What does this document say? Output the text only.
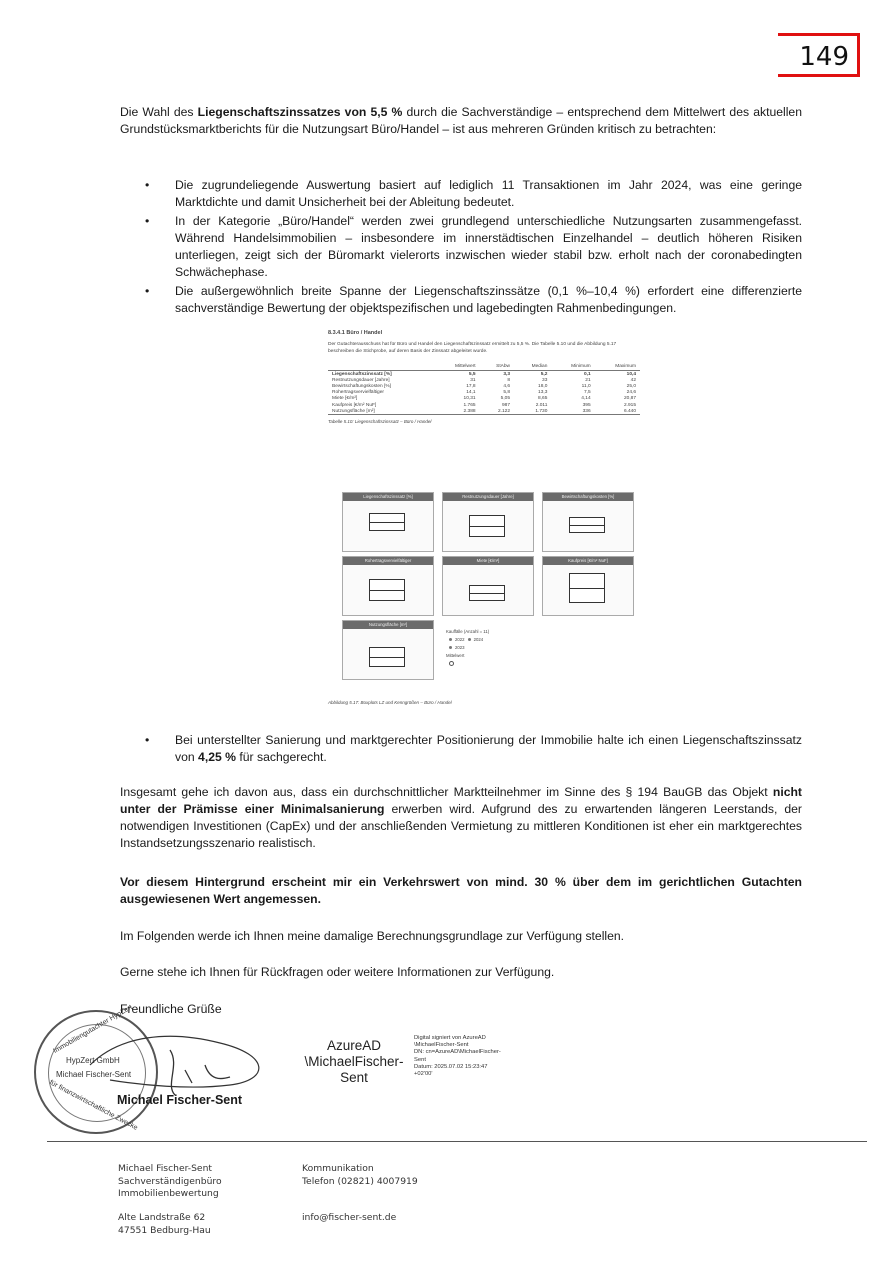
149
Die Wahl des Liegenschaftszinssatzes von 5,5 % durch die Sachverständige – entsprechend dem Mittelwert des aktuellen Grundstücksmarktberichts für die Nutzungsart Büro/Handel – ist aus mehreren Gründen kritisch zu betrachten:
• Die zugrundeliegende Auswertung basiert auf lediglich 11 Transaktionen im Jahr 2024, was eine geringe Marktdichte und damit Unsicherheit bei der Ableitung bedeutet.
• In der Kategorie „Büro/Handel“ werden zwei grundlegend unterschiedliche Nutzungsarten zusammengefasst. Während Handelsimmobilien – insbesondere im innerstädtischen Einzelhandel – deutlich höheren Risiken unterliegen, zeigt sich der Büromarkt vielerorts inzwischen wieder stabil bzw. erholt nach der coronabedingten Schwächephase.
• Die außergewöhnlich breite Spanne der Liegenschaftszinssätze (0,1 %–10,4 %) erfordert eine differenzierte sachverständige Bewertung der objektspezifischen und lagebedingten Rahmenbedingungen.
8.3.4.1 Büro / Handel
Der Gutachterausschuss hat für Büro und Handel den Liegenschaftszinssatz ermittelt zu 5,5 %. Die Tabelle 5.10 und die Abbildung 5.17 beschreiben die Stichprobe, auf deren Basis der Zinssatz abgeleitet wurde.
	Mittelwert	StAbw	Median	Minimum	Maximum
Liegenschaftszinssatz [%]	5,5	3,3	5,2	0,1	10,4
Restnutzungsdauer [Jahre]	31	8	33	21	42
Bewirtschaftungskosten [%]	17,8	4,6	18,0	11,0	25,0
Rohertragsvervielfältiger	14,1	5,8	13,3	7,5	24,6
Miete [€/m²]	10,31	5,05	8,65	4,14	20,87
Kaufpreis [€/m² NuF]	1.765	987	2.011	395	2.915
Nutzungsfläche [m²]	2.388	2.122	1.730	336	6.440
Tabelle 5.10: Liegenschaftszinssatz – Büro / Handel
Liegenschaftszinssatz [%]	Restnutzungsdauer [Jahre]	Bewirtschaftungskosten [%]
Rohertragsvervielfältiger	Miete [€/m²]	Kaufpreis [€/m² NuF]
Nutzungsfläche [m²]
Kauffälle (Anzahl = 11)
2022 2024
2023
Mittelwert
Abbildung 5.17: Boxplots LZ und Kenngrößen – Büro / Handel
• Bei unterstellter Sanierung und marktgerechter Positionierung der Immobilie halte ich einen Liegenschaftszinssatz von 4,25 % für sachgerecht.
Insgesamt gehe ich davon aus, dass ein durchschnittlicher Marktteilnehmer im Sinne des § 194 BauGB das Objekt nicht unter der Prämisse einer Minimalsanierung erwerben wird. Aufgrund des zu erwartenden längeren Leerstands, der notwendigen Investitionen (CapEx) und der anschließenden Vermietung zu mittleren Konditionen ist eher ein marktgerechtes Instandsetzungsszenario realistisch.
Vor diesem Hintergrund erscheint mir ein Verkehrswert von mind. 30 % über dem im gerichtlichen Gutachten ausgewiesenen Wert angemessen.
Im Folgenden werde ich Ihnen meine damalige Berechnungsgrundlage zur Verfügung stellen.
Gerne stehe ich Ihnen für Rückfragen oder weitere Informationen zur Verfügung.
Freundliche Grüße
Immobiliengutachter HypZert
HypZert GmbH
Michael Fischer-Sent
für finanzwirtschaftliche Zwecke
Michael Fischer-Sent
AzureAD
\MichaelFischer-
Sent
Digital signiert von AzureAD
\MichaelFischer-Sent
DN: cn=AzureAD\MichaelFischer-
Sent
Datum: 2025.07.02 15:23:47
+02'00'
Michael Fischer-Sent
Sachverständigenbüro
Immobilienbewertung
Alte Landstraße 62
47551 Bedburg-Hau
Kommunikation
Telefon (02821) 4007919
info@fischer-sent.de
